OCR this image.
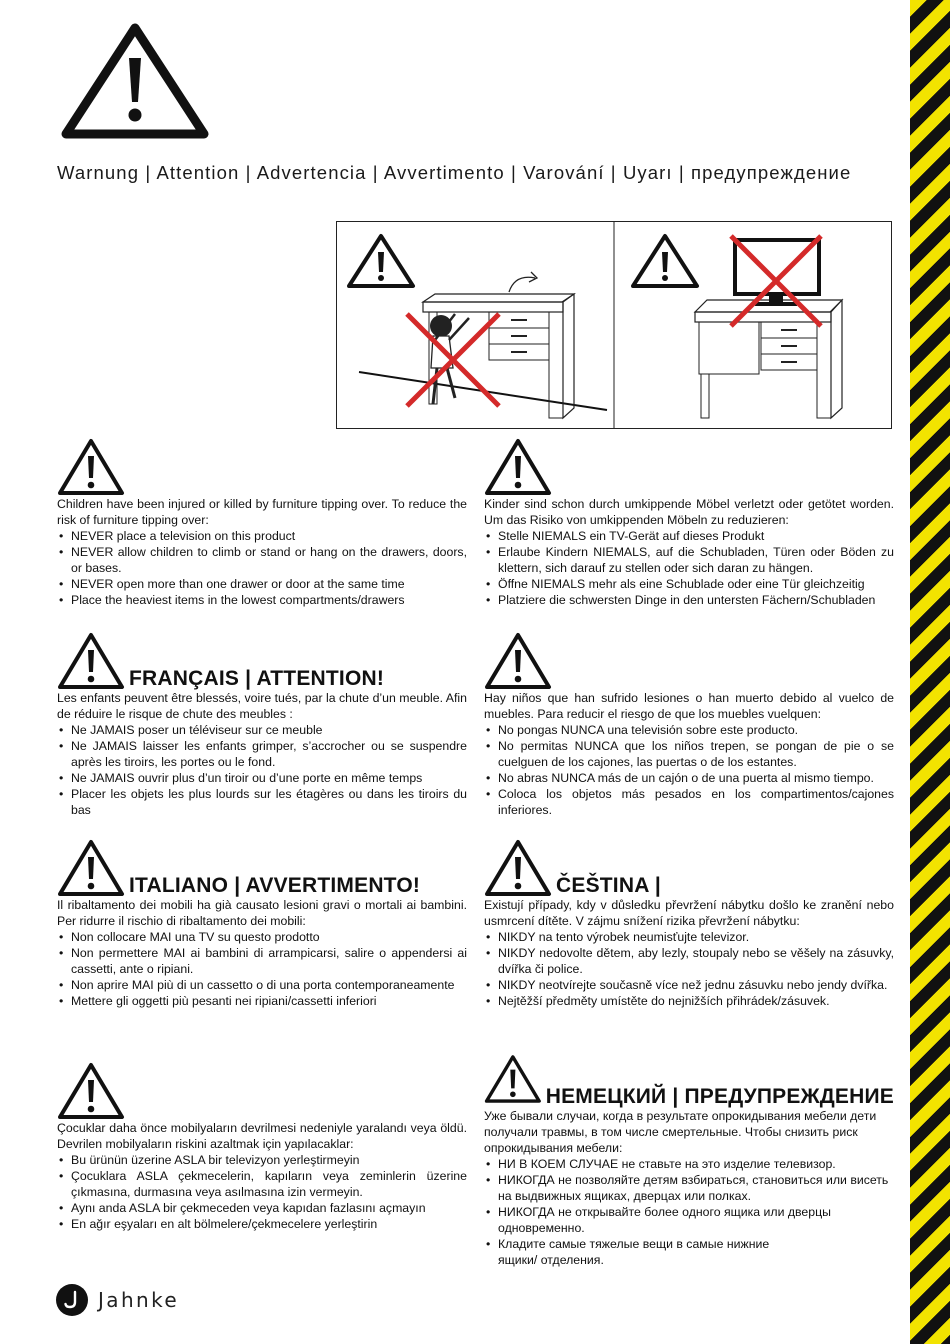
Warnung | Attention | Advertencia | Avvertimento | Varování | Uyarı | предупреждение

Children have been injured or killed by furniture tipping over. To reduce the risk of furniture tipping over:

• NEVER place a television on this product
• NEVER allow children to climb or stand or hang on the drawers, doors, or bases.
• NEVER open more than one drawer or door at the same time
• Place the heaviest items in the lowest compartments/drawers

Kinder sind schon durch umkippende Möbel verletzt oder getötet worden. Um das Risiko von umkippenden Möbeln zu reduzieren:

• Stelle NIEMALS ein TV-Gerät auf dieses Produkt
• Erlaube Kindern NIEMALS, auf die Schubladen, Türen oder Böden zu klettern, sich darauf zu stellen oder sich daran zu hängen.
• Öffne NIEMALS mehr als eine Schublade oder eine Tür gleichzeitig
• Platziere die schwersten Dinge in den untersten Fächern/Schubladen
FRANÇAIS | ATTENTION!

Les enfants peuvent être blessés, voire tués, par la chute d’un meuble. Afin de réduire le risque de chute des meubles :

• Ne JAMAIS poser un téléviseur sur ce meuble
• Ne JAMAIS laisser les enfants grimper, s’accrocher ou se suspendre après les tiroirs, les portes ou le fond.
• Ne JAMAIS ouvrir plus d’un tiroir ou d’une porte en même temps
• Placer les objets les plus lourds sur les étagères ou dans les tiroirs du bas

Hay niños que han sufrido lesiones o han muerto debido al vuelco de muebles. Para reducir el riesgo de que los muebles vuelquen:

• No pongas NUNCA una televisión sobre este producto.
• No permitas NUNCA que los niños trepen, se pongan de pie o se cuelguen de los cajones, las puertas o de los estantes.
• No abras NUNCA más de un cajón o de una puerta al mismo tiempo.
• Coloca los objetos más pesados en los compartimentos/cajones inferiores.
ITALIANO | AVVERTIMENTO!

Il ribaltamento dei mobili ha già causato lesioni gravi o mortali ai bambini. Per ridurre il rischio di ribaltamento dei mobili:

• Non collocare MAI una TV su questo prodotto
• Non permettere MAI ai bambini di arrampicarsi, salire o appendersi ai cassetti, ante o ripiani.
• Non aprire MAI più di un cassetto o di una porta contemporaneamente
• Mettere gli oggetti più pesanti nei ripiani/cassetti inferiori
ČEŠTINA |

Existují případy, kdy v důsledku převržení nábytku došlo ke zranění nebo usmrcení dítěte. V zájmu snížení rizika převržení nábytku:

• NIKDY na tento výrobek neumisťujte televizor.
• NIKDY nedovolte dětem, aby lezly, stoupaly nebo se věšely na zásuvky, dvířka či police.
• NIKDY neotvírejte současně více než jednu zásuvku nebo jendy dvířka.
• Nejtěžší předměty umístěte do nejnižších přihrádek/zásuvek.

Çocuklar daha önce mobilyaların devrilmesi nedeniyle yaralandı veya öldü. Devrilen mobilyaların riskini azaltmak için yapılacaklar:

• Bu ürünün üzerine ASLA bir televizyon yerleştirmeyin
• Çocuklara ASLA çekmecelerin, kapıların veya zeminlerin üzerine çıkmasına, durmasına veya asılmasına izin vermeyin.
• Aynı anda ASLA bir çekmeceden veya kapıdan fazlasını açmayın
• En ağır eşyaları en alt bölmelere/çekmecelere yerleştirin
НЕМЕЦКИЙ | ПРЕДУПРЕЖДЕНИЕ

Уже бывали случаи, когда в результате опрокидывания мебели дети получали травмы, в том числе смертельные. Чтобы снизить риск опрокидывания мебели:

• НИ В КОЕМ СЛУЧАЕ не ставьте на это изделие телевизор.
• НИКОГДА не позволяйте детям взбираться, становиться или висеть на выдвижных ящиках, дверцах или полках.
• НИКОГДА не открывайте более одного ящика или дверцы одновременно.
• Кладите самые тяжелые вещи в самые нижние ящики/ отделения.
Jahnke
